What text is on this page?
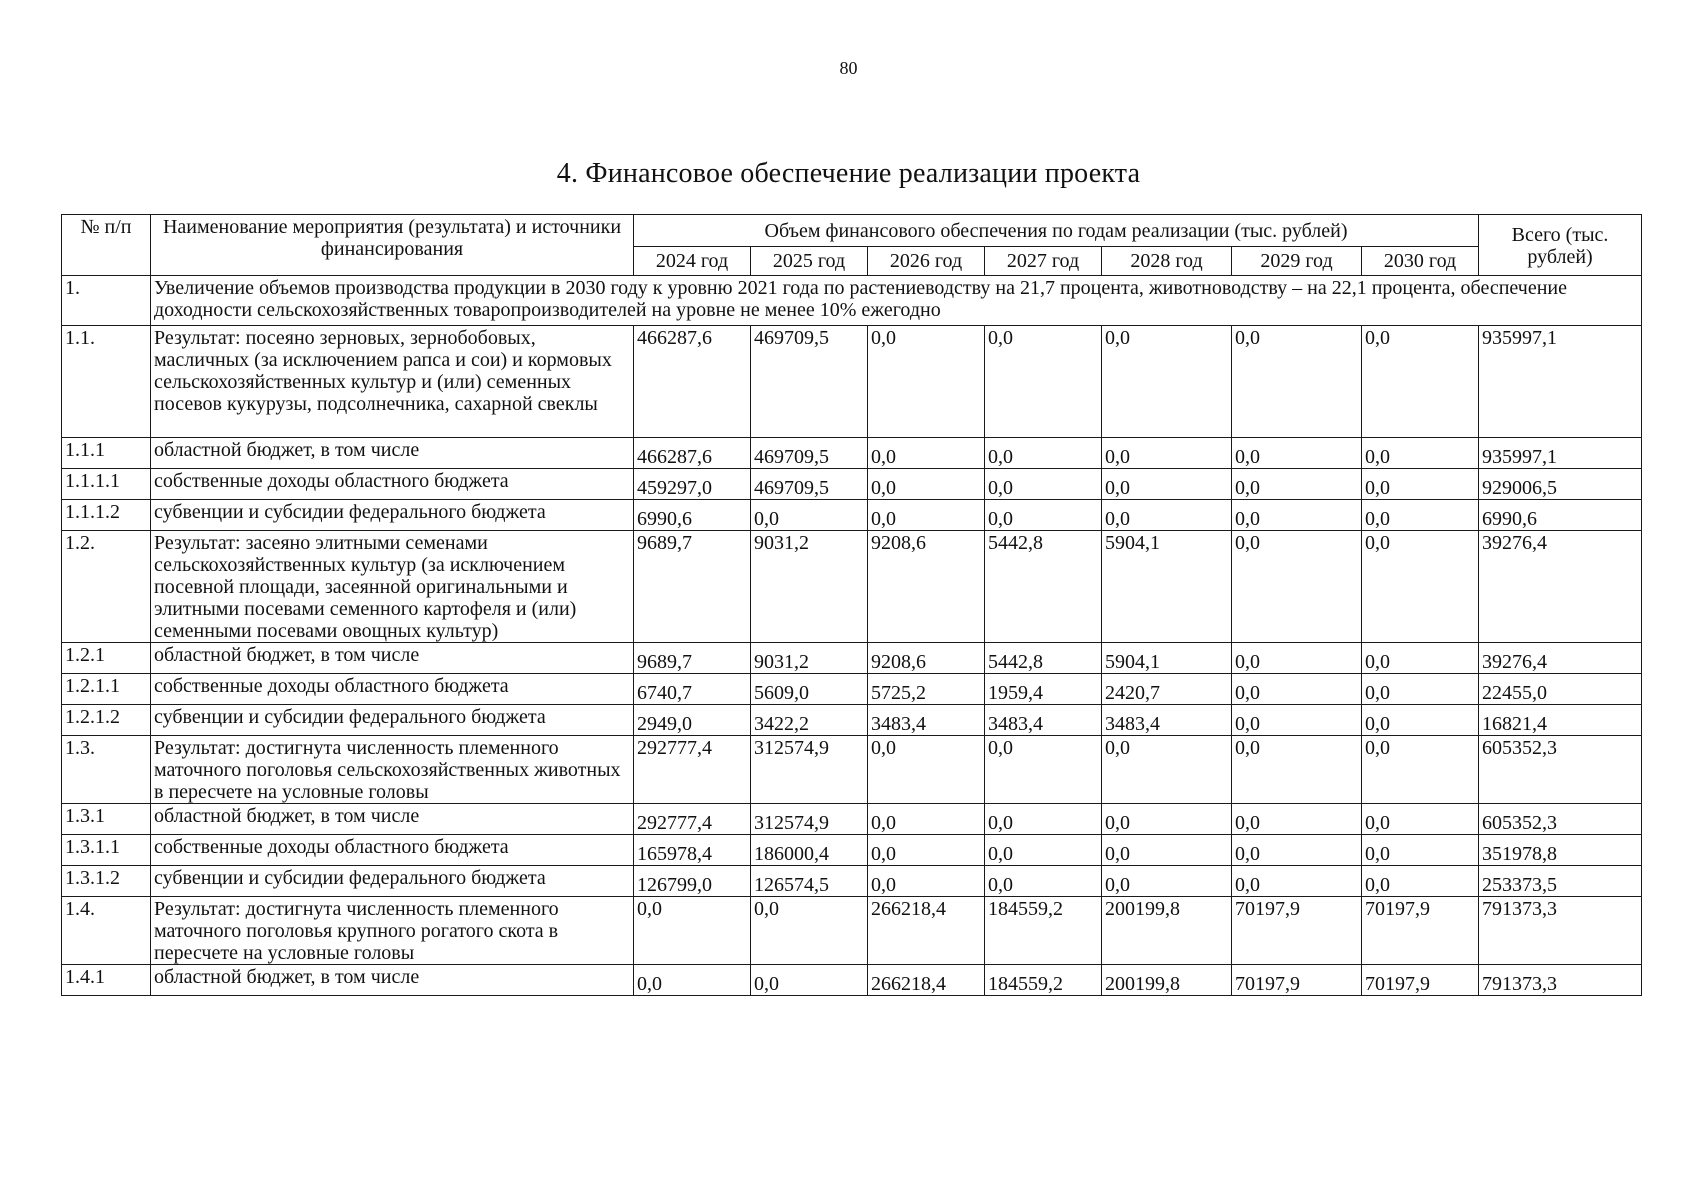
80
4. Финансовое обеспечение реализации проекта
№ п/п	Наименование мероприятия (результата) и источники финансирования	Объем финансового обеспечения по годам реализации (тыс. рублей)							Всего (тыс. рублей)
		2024 год	2025 год	2026 год	2027 год	2028 год	2029 год	2030 год	
1.	Увеличение объемов производства продукции в 2030 году к уровню 2021 года по растениеводству на 21,7 процента, животноводству – на 22,1 процента, обеспечение доходности сельскохозяйственных товаропроизводителей на уровне не менее 10% ежегодно								
1.1.	Результат: посеяно зерновых, зернобобовых, масличных (за исключением рапса и сои) и кормовых сельскохозяйственных культур и (или) семенных посевов кукурузы, подсолнечника, сахарной свеклы	466287,6	469709,5	0,0	0,0	0,0	0,0	0,0	935997,1
1.1.1	областной бюджет, в том числе	466287,6	469709,5	0,0	0,0	0,0	0,0	0,0	935997,1
1.1.1.1	собственные доходы областного бюджета	459297,0	469709,5	0,0	0,0	0,0	0,0	0,0	929006,5
1.1.1.2	субвенции и субсидии федерального бюджета	6990,6	0,0	0,0	0,0	0,0	0,0	0,0	6990,6
1.2.	Результат: засеяно элитными семенами сельскохозяйственных культур (за исключением посевной площади, засеянной оригинальными и элитными посевами семенного картофеля и (или) семенными посевами овощных культур)	9689,7	9031,2	9208,6	5442,8	5904,1	0,0	0,0	39276,4
1.2.1	областной бюджет, в том числе	9689,7	9031,2	9208,6	5442,8	5904,1	0,0	0,0	39276,4
1.2.1.1	собственные доходы областного бюджета	6740,7	5609,0	5725,2	1959,4	2420,7	0,0	0,0	22455,0
1.2.1.2	субвенции и субсидии федерального бюджета	2949,0	3422,2	3483,4	3483,4	3483,4	0,0	0,0	16821,4
1.3.	Результат: достигнута численность племенного маточного поголовья сельскохозяйственных животных в пересчете на условные головы	292777,4	312574,9	0,0	0,0	0,0	0,0	0,0	605352,3
1.3.1	областной бюджет, в том числе	292777,4	312574,9	0,0	0,0	0,0	0,0	0,0	605352,3
1.3.1.1	собственные доходы областного бюджета	165978,4	186000,4	0,0	0,0	0,0	0,0	0,0	351978,8
1.3.1.2	субвенции и субсидии федерального бюджета	126799,0	126574,5	0,0	0,0	0,0	0,0	0,0	253373,5
1.4.	Результат: достигнута численность племенного маточного поголовья крупного рогатого скота в пересчете на условные головы	0,0	0,0	266218,4	184559,2	200199,8	70197,9	70197,9	791373,3
1.4.1	областной бюджет, в том числе	0,0	0,0	266218,4	184559,2	200199,8	70197,9	70197,9	791373,3
